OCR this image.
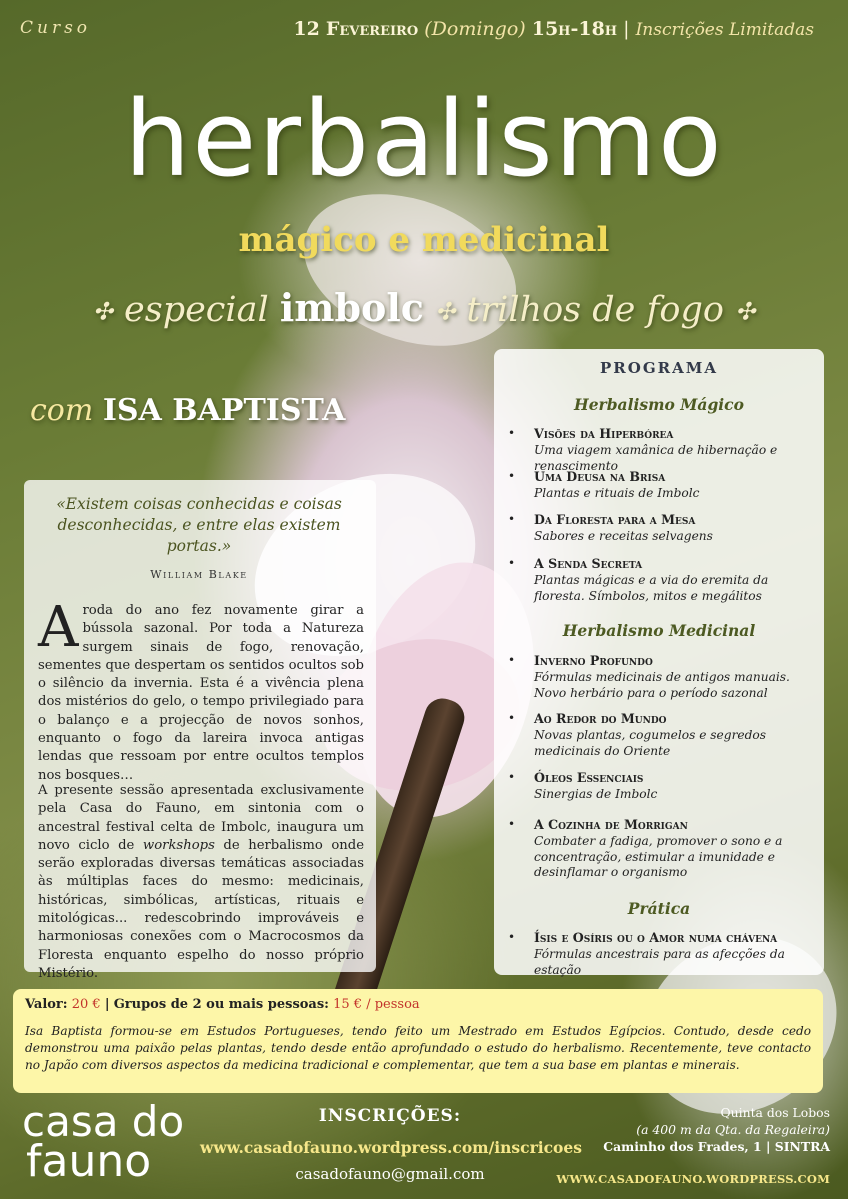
Curso	12 Fevereiro (Domingo) 15h-18h | Inscrições Limitadas
herbalismo
mágico e medicinal
✣ especial imbolc ✣ trilhos de fogo ✣
com ISA BAPTISTA
«Existem coisas conhecidas e coisas desconhecidas, e entre elas existem portas.»
William Blake
Aroda do ano fez novamente girar a bússola sazonal. Por toda a Natureza surgem sinais de fogo, renovação, sementes que despertam os sentidos ocultos sob o silêncio da invernia. Esta é a vivência plena dos mistérios do gelo, o tempo privilegiado para o balanço e a projecção de novos sonhos, enquanto o fogo da lareira invoca antigas lendas que ressoam por entre ocultos templos nos bosques…
A presente sessão apresentada exclusivamente pela Casa do Fauno, em sintonia com o ancestral festival celta de Imbolc, inaugura um novo ciclo de workshops de herbalismo onde serão exploradas diversas temáticas associadas às múltiplas faces do mesmo: medicinais, históricas, simbólicas, artísticas, rituais e mitológicas... redescobrindo improváveis e harmoniosas conexões com o Macrocosmos da Floresta enquanto espelho do nosso próprio Mistério.
PROGRAMA
Herbalismo Mágico
• Visões da Hiperbórea
Uma viagem xamânica de hibernação e renascimento
• Uma Deusa na Brisa
Plantas e rituais de Imbolc
• Da Floresta para a Mesa
Sabores e receitas selvagens
• A Senda Secreta
Plantas mágicas e a via do eremita da floresta. Símbolos, mitos e megálitos
Herbalismo Medicinal
• Inverno Profundo
Fórmulas medicinais de antigos manuais. Novo herbário para o período sazonal
• Ao Redor do Mundo
Novas plantas, cogumelos e segredos medicinais do Oriente
• Óleos Essenciais
Sinergias de Imbolc
• A Cozinha de Morrigan
Combater a fadiga, promover o sono e a concentração, estimular a imunidade e desinflamar o organismo
Prática
• Ísis e Osíris ou o Amor numa chávena
Fórmulas ancestrais para as afecções da estação
Valor: 20 € | Grupos de 2 ou mais pessoas: 15 € / pessoa
Isa Baptista formou-se em Estudos Portugueses, tendo feito um Mestrado em Estudos Egípcios. Contudo, desde cedo demonstrou uma paixão pelas plantas, tendo desde então aprofundado o estudo do herbalismo. Recentemente, teve contacto no Japão com diversos aspectos da medicina tradicional e complementar, que tem a sua base em plantas e minerais.
casa do
fauno
INSCRIÇÕES:
www.casadofauno.wordpress.com/inscricoes
casadofauno@gmail.com
Quinta dos Lobos
(a 400 m da Qta. da Regaleira)
Caminho dos Frades, 1 | SINTRA
WWW.CASADOFAUNO.WORDPRESS.COM
